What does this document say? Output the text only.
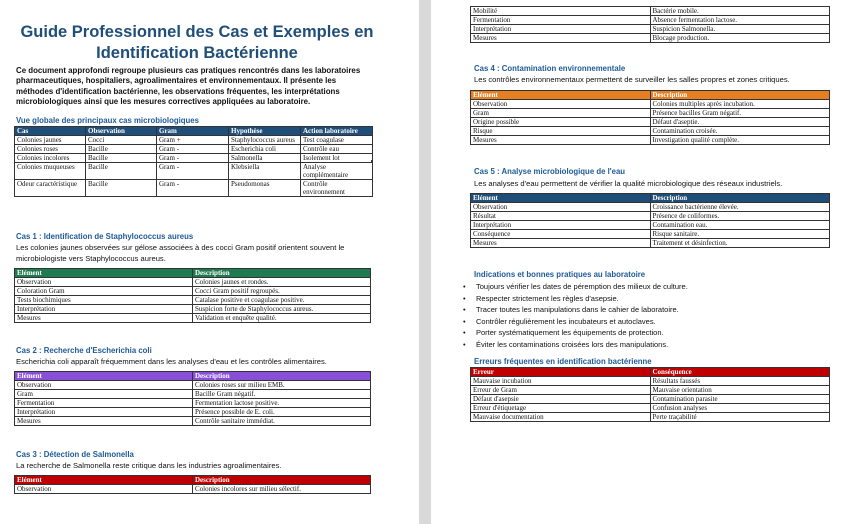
Guide Professionnel des Cas et Exemples en Identification Bactérienne
Ce document approfondi regroupe plusieurs cas pratiques rencontrés dans les laboratoires pharmaceutiques, hospitaliers, agroalimentaires et environnementaux. Il présente les méthodes d'identification bactérienne, les observations fréquentes, les interprétations microbiologiques ainsi que les mesures correctives appliquées au laboratoire.
Vue globale des principaux cas microbiologiques
Cas	Observation	Gram	Hypothèse	Action laboratoire
Colonies jaunes	Cocci	Gram +	Staphylococcus aureus	Test coagulase
Colonies roses	Bacille	Gram -	Escherichia coli	Contrôle eau
Colonies incolores	Bacille	Gram -	Salmonella	Isolement lot
Colonies muqueuses	Bacille	Gram -	Klebsiella	Analyse complémentaire
Odeur caractéristique	Bacille	Gram -	Pseudomonas	Contrôle environnement
Cas 1 : Identification de Staphylococcus aureus
Les colonies jaunes observées sur gélose associées à des cocci Gram positif orientent souvent le microbiologiste vers Staphylococcus aureus.
Elément	Description
Observation	Colonies jaunes et rondes.
Coloration Gram	Cocci Gram positif regroupés.
Tests biochimiques	Catalase positive et coagulase positive.
Interprétation	Suspicion forte de Staphylococcus aureus.
Mesures	Validation et enquête qualité.
Cas 2 : Recherche d'Escherichia coli
Escherichia coli apparaît fréquemment dans les analyses d'eau et les contrôles alimentaires.
Elément	Description
Observation	Colonies roses sur milieu EMB.
Gram	Bacille Gram négatif.
Fermentation	Fermentation lactose positive.
Interprétation	Présence possible de E. coli.
Mesures	Contrôle sanitaire immédiat.
Cas 3 : Détection de Salmonella
La recherche de Salmonella reste critique dans les industries agroalimentaires.
Elément	Description
Observation	Colonies incolores sur milieu sélectif.
Mobilité	Bactérie mobile.
Fermentation	Absence fermentation lactose.
Interprétation	Suspicion Salmonella.
Mesures	Blocage production.
Cas 4 : Contamination environnementale
Les contrôles environnementaux permettent de surveiller les salles propres et zones critiques.
Elément	Description
Observation	Colonies multiples après incubation.
Gram	Présence bacilles Gram négatif.
Origine possible	Défaut d'aseptie.
Risque	Contamination croisée.
Mesures	Investigation qualité complète.
Cas 5 : Analyse microbiologique de l'eau
Les analyses d'eau permettent de vérifier la qualité microbiologique des réseaux industriels.
Elément	Description
Observation	Croissance bactérienne élevée.
Résultat	Présence de coliformes.
Interprétation	Contamination eau.
Conséquence	Risque sanitaire.
Mesures	Traitement et désinfection.
Indications et bonnes pratiques au laboratoire
• Toujours vérifier les dates de péremption des milieux de culture.
• Respecter strictement les règles d'asepsie.
• Tracer toutes les manipulations dans le cahier de laboratoire.
• Contrôler régulièrement les incubateurs et autoclaves.
• Porter systématiquement les équipements de protection.
• Éviter les contaminations croisées lors des manipulations.
Erreurs fréquentes en identification bactérienne
Erreur	Conséquence
Mauvaise incubation	Résultats faussés
Erreur de Gram	Mauvaise orientation
Défaut d'asepsie	Contamination parasite
Erreur d'étiquetage	Confusion analyses
Mauvaise documentation	Perte traçabilité
